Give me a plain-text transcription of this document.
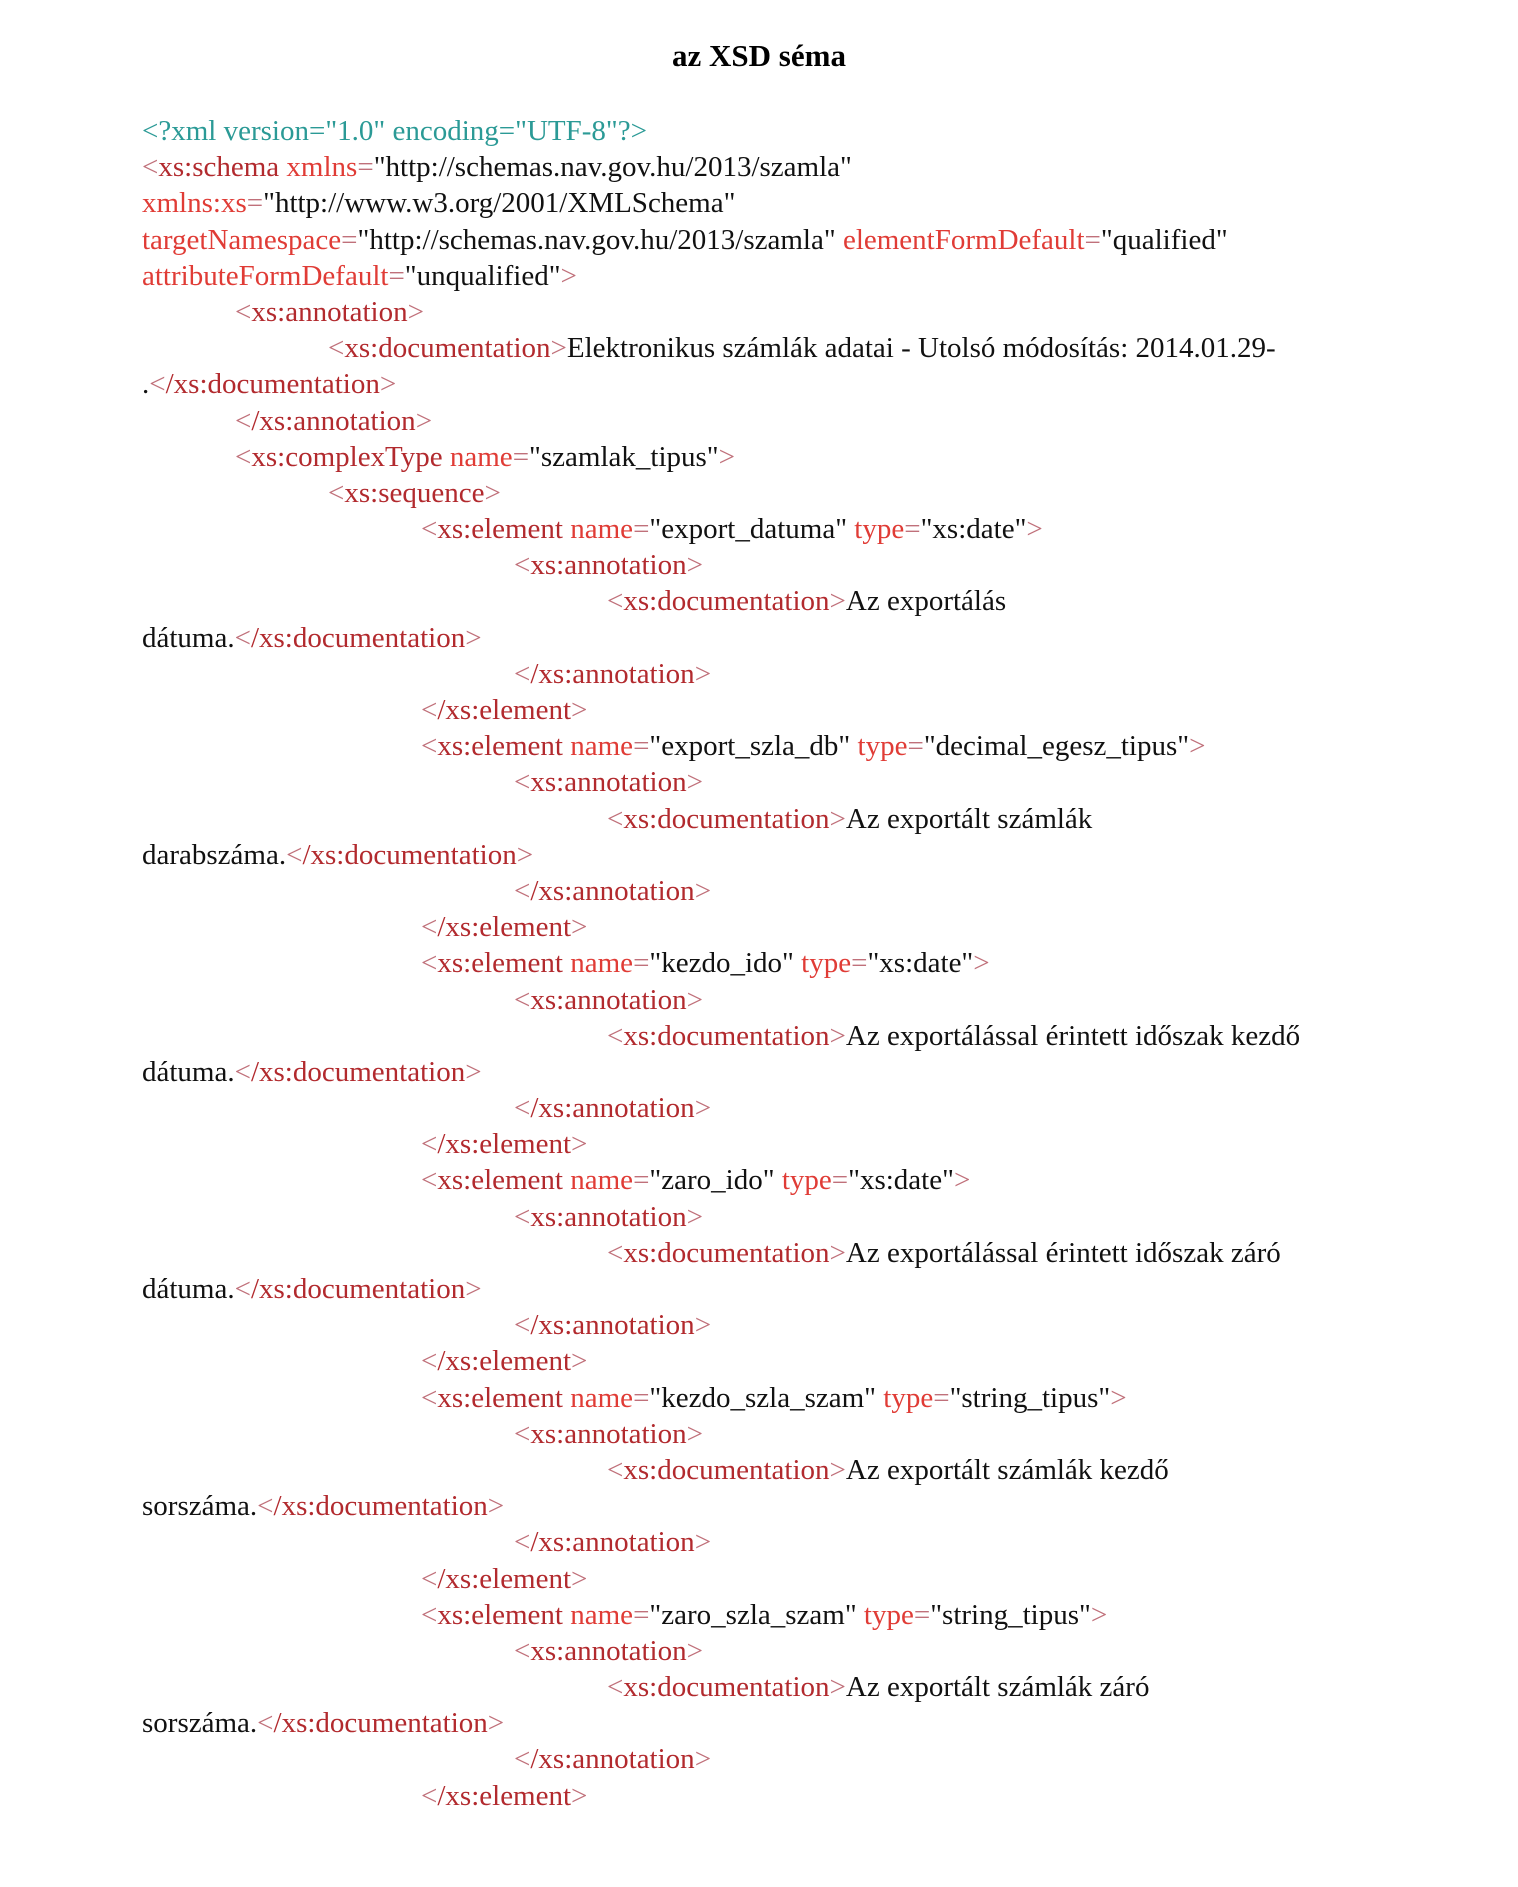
az XSD séma
<?xml version="1.0" encoding="UTF-8"?>
<xs:schema xmlns="http://schemas.nav.gov.hu/2013/szamla"
xmlns:xs="http://www.w3.org/2001/XMLSchema"
targetNamespace="http://schemas.nav.gov.hu/2013/szamla" elementFormDefault="qualified"
attributeFormDefault="unqualified">
<xs:annotation>
<xs:documentation>Elektronikus számlák adatai - Utolsó módosítás: 2014.01.29-
.</xs:documentation>
</xs:annotation>
<xs:complexType name="szamlak_tipus">
<xs:sequence>
<xs:element name="export_datuma" type="xs:date">
<xs:annotation>
<xs:documentation>Az exportálás
dátuma.</xs:documentation>
</xs:annotation>
</xs:element>
<xs:element name="export_szla_db" type="decimal_egesz_tipus">
<xs:annotation>
<xs:documentation>Az exportált számlák
darabszáma.</xs:documentation>
</xs:annotation>
</xs:element>
<xs:element name="kezdo_ido" type="xs:date">
<xs:annotation>
<xs:documentation>Az exportálással érintett időszak kezdő
dátuma.</xs:documentation>
</xs:annotation>
</xs:element>
<xs:element name="zaro_ido" type="xs:date">
<xs:annotation>
<xs:documentation>Az exportálással érintett időszak záró
dátuma.</xs:documentation>
</xs:annotation>
</xs:element>
<xs:element name="kezdo_szla_szam" type="string_tipus">
<xs:annotation>
<xs:documentation>Az exportált számlák kezdő
sorszáma.</xs:documentation>
</xs:annotation>
</xs:element>
<xs:element name="zaro_szla_szam" type="string_tipus">
<xs:annotation>
<xs:documentation>Az exportált számlák záró
sorszáma.</xs:documentation>
</xs:annotation>
</xs:element>
